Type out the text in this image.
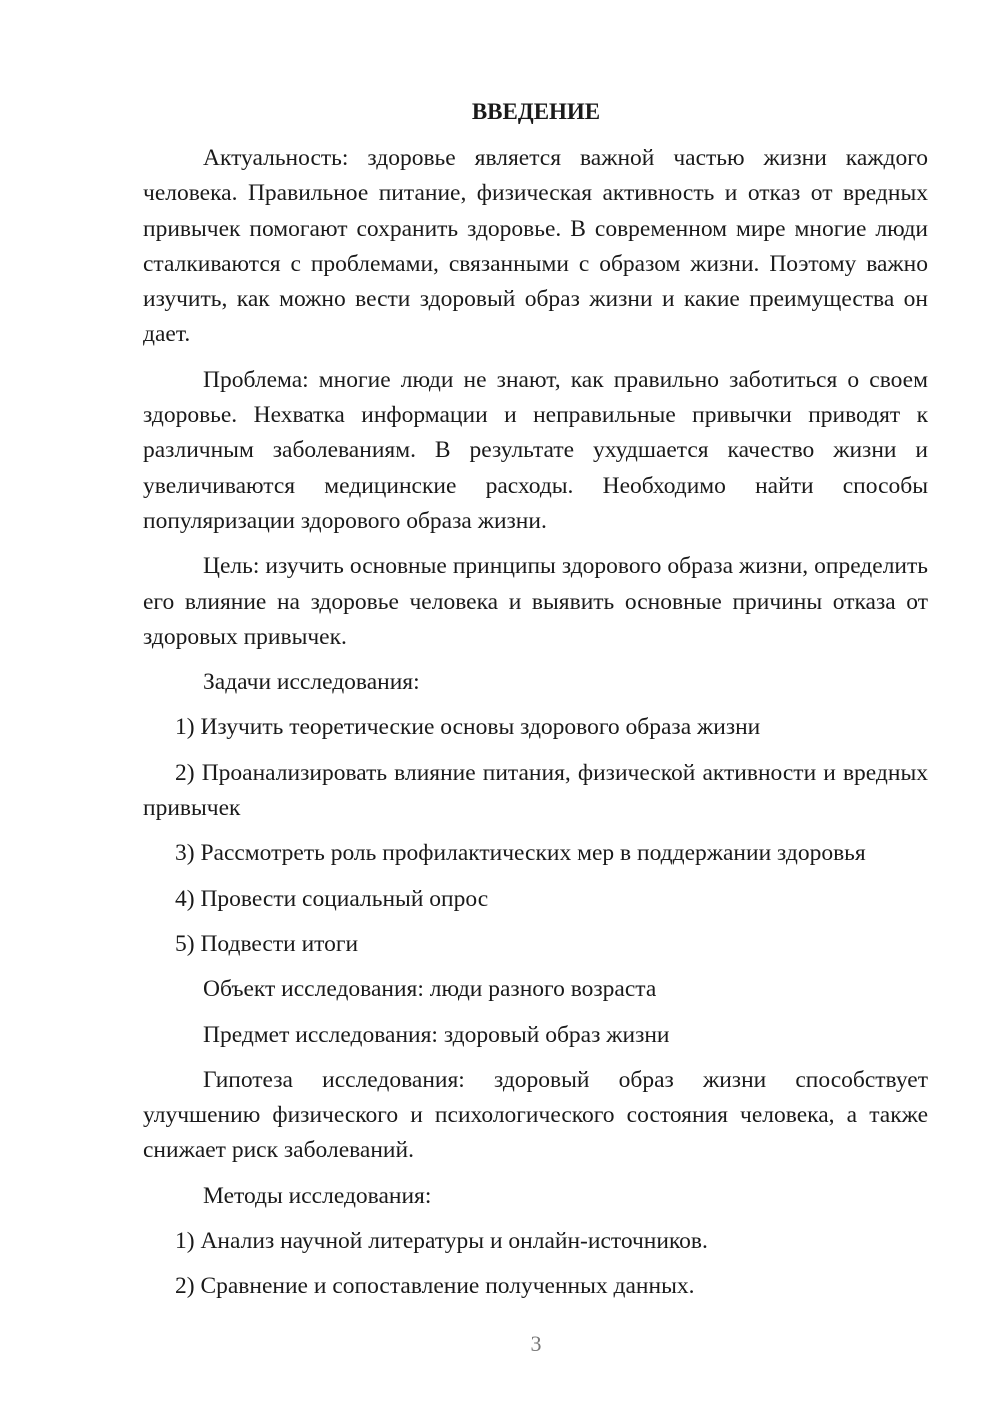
ВВЕДЕНИЕ

Актуальность: здоровье является важной частью жизни каждого человека. Правильное питание, физическая активность и отказ от вредных привычек помогают сохранить здоровье. В современном мире многие люди сталкиваются с проблемами, связанными с образом жизни. Поэтому важно изучить, как можно вести здоровый образ жизни и какие преимущества он дает.

Проблема: многие люди не знают, как правильно заботиться о своем здоровье. Нехватка информации и неправильные привычки приводят к различным заболеваниям. В результате ухудшается качество жизни и увеличиваются медицинские расходы. Необходимо найти способы популяризации здорового образа жизни.

Цель: изучить основные принципы здорового образа жизни, определить его влияние на здоровье человека и выявить основные причины отказа от здоровых привычек.

Задачи исследования:

1) Изучить теоретические основы здорового образа жизни

2) Проанализировать влияние питания, физической активности и вредных привычек

3) Рассмотреть роль профилактических мер в поддержании здоровья

4) Провести социальный опрос

5) Подвести итоги

Объект исследования: люди разного возраста

Предмет исследования: здоровый образ жизни

Гипотеза исследования: здоровый образ жизни способствует улучшению физического и психологического состояния человека, а также снижает риск заболеваний.

Методы исследования:

1) Анализ научной литературы и онлайн-источников.

2) Сравнение и сопоставление полученных данных.

3
